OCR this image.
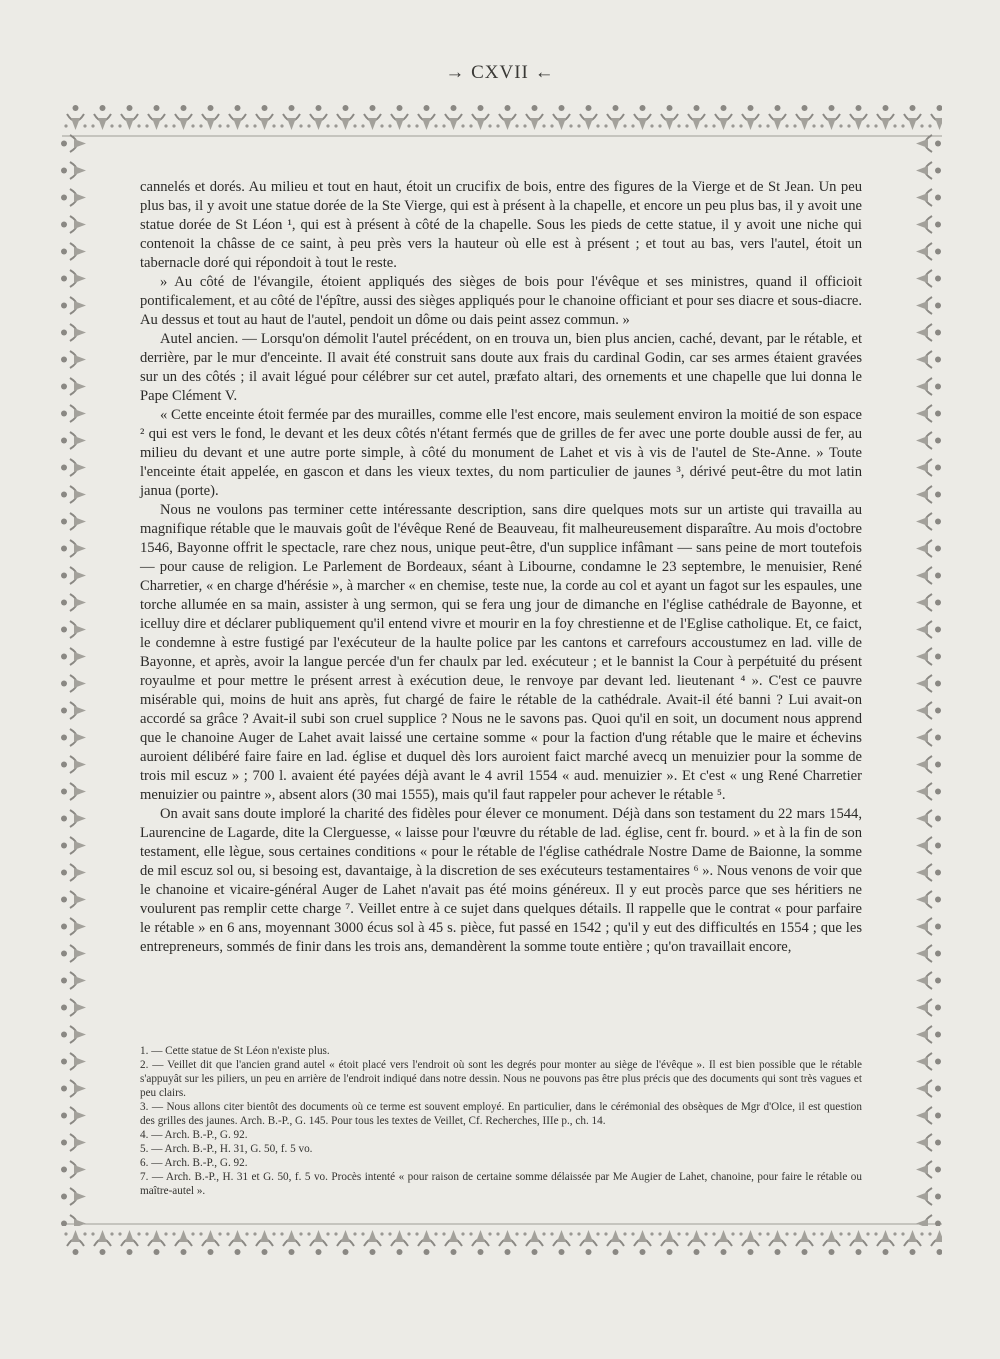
→ CXVII ←

cannelés et dorés. Au milieu et tout en haut, étoit un crucifix de bois, entre des figures de la Vierge et de St Jean. Un peu plus bas, il y avoit une statue dorée de la Ste Vierge, qui est à présent à la chapelle, et encore un peu plus bas, il y avoit une statue dorée de St Léon ¹, qui est à présent à côté de la chapelle. Sous les pieds de cette statue, il y avoit une niche qui contenoit la châsse de ce saint, à peu près vers la hauteur où elle est à présent ; et tout au bas, vers l'autel, étoit un tabernacle doré qui répondoit à tout le reste.

» Au côté de l'évangile, étoient appliqués des sièges de bois pour l'évêque et ses ministres, quand il officioit pontificalement, et au côté de l'épître, aussi des sièges appliqués pour le chanoine officiant et pour ses diacre et sous-diacre. Au dessus et tout au haut de l'autel, pendoit un dôme ou dais peint assez commun. »

Autel ancien. — Lorsqu'on démolit l'autel précédent, on en trouva un, bien plus ancien, caché, devant, par le rétable, et derrière, par le mur d'enceinte. Il avait été construit sans doute aux frais du cardinal Godin, car ses armes étaient gravées sur un des côtés ; il avait légué pour célébrer sur cet autel, præfato altari, des ornements et une chapelle que lui donna le Pape Clément V.

« Cette enceinte étoit fermée par des murailles, comme elle l'est encore, mais seulement environ la moitié de son espace ² qui est vers le fond, le devant et les deux côtés n'étant fermés que de grilles de fer avec une porte double aussi de fer, au milieu du devant et une autre porte simple, à côté du monument de Lahet et vis à vis de l'autel de Ste-Anne. » Toute l'enceinte était appelée, en gascon et dans les vieux textes, du nom particulier de jaunes ³, dérivé peut-être du mot latin janua (porte).

Nous ne voulons pas terminer cette intéressante description, sans dire quelques mots sur un artiste qui travailla au magnifique rétable que le mauvais goût de l'évêque René de Beauveau, fit malheureusement disparaître. Au mois d'octobre 1546, Bayonne offrit le spectacle, rare chez nous, unique peut-être, d'un supplice infâmant — sans peine de mort toutefois — pour cause de religion. Le Parlement de Bordeaux, séant à Libourne, condamne le 23 septembre, le menuisier, René Charretier, « en charge d'hérésie », à marcher « en chemise, teste nue, la corde au col et ayant un fagot sur les espaules, une torche allumée en sa main, assister à ung sermon, qui se fera ung jour de dimanche en l'église cathédrale de Bayonne, et icelluy dire et déclarer publiquement qu'il entend vivre et mourir en la foy chrestienne et de l'Eglise catholique. Et, ce faict, le condemne à estre fustigé par l'exécuteur de la haulte police par les cantons et carrefours accoustumez en lad. ville de Bayonne, et après, avoir la langue percée d'un fer chaulx par led. exécuteur ; et le bannist la Cour à perpétuité du présent royaulme et pour mettre le présent arrest à exécution deue, le renvoye par devant led. lieutenant ⁴ ». C'est ce pauvre misérable qui, moins de huit ans après, fut chargé de faire le rétable de la cathédrale. Avait-il été banni ? Lui avait-on accordé sa grâce ? Avait-il subi son cruel supplice ? Nous ne le savons pas. Quoi qu'il en soit, un document nous apprend que le chanoine Auger de Lahet avait laissé une certaine somme « pour la faction d'ung rétable que le maire et échevins auroient délibéré faire faire en lad. église et duquel dès lors auroient faict marché avecq un menuizier pour la somme de trois mil escuz » ; 700 l. avaient été payées déjà avant le 4 avril 1554 « aud. menuizier ». Et c'est « ung René Charretier menuizier ou paintre », absent alors (30 mai 1555), mais qu'il faut rappeler pour achever le rétable ⁵.

On avait sans doute imploré la charité des fidèles pour élever ce monument. Déjà dans son testament du 22 mars 1544, Laurencine de Lagarde, dite la Clerguesse, « laisse pour l'œuvre du rétable de lad. église, cent fr. bourd. » et à la fin de son testament, elle lègue, sous certaines conditions « pour le rétable de l'église cathédrale Nostre Dame de Baionne, la somme de mil escuz sol ou, si besoing est, davantaige, à la discretion de ses exécuteurs testamentaires ⁶ ». Nous venons de voir que le chanoine et vicaire-général Auger de Lahet n'avait pas été moins généreux. Il y eut procès parce que ses héritiers ne voulurent pas remplir cette charge ⁷. Veillet entre à ce sujet dans quelques détails. Il rappelle que le contrat « pour parfaire le rétable » en 6 ans, moyennant 3000 écus sol à 45 s. pièce, fut passé en 1542 ; qu'il y eut des difficultés en 1554 ; que les entrepreneurs, sommés de finir dans les trois ans, demandèrent la somme toute entière ; qu'on travaillait encore,

1. — Cette statue de St Léon n'existe plus.

2. — Veillet dit que l'ancien grand autel « étoit placé vers l'endroit où sont les degrés pour monter au siège de l'évêque ». Il est bien possible que le rétable s'appuyât sur les piliers, un peu en arrière de l'endroit indiqué dans notre dessin. Nous ne pouvons pas être plus précis que des documents qui sont très vagues et peu clairs.

3. — Nous allons citer bientôt des documents où ce terme est souvent employé. En particulier, dans le cérémonial des obsèques de Mgr d'Olce, il est question des grilles des jaunes. Arch. B.-P., G. 145. Pour tous les textes de Veillet, Cf. Recherches, IIIe p., ch. 14.

4. — Arch. B.-P., G. 92.

5. — Arch. B.-P., H. 31, G. 50, f. 5 vo.

6. — Arch. B.-P., G. 92.

7. — Arch. B.-P., H. 31 et G. 50, f. 5 vo. Procès intenté « pour raison de certaine somme délaissée par Me Augier de Lahet, chanoine, pour faire le rétable ou maître-autel ».
